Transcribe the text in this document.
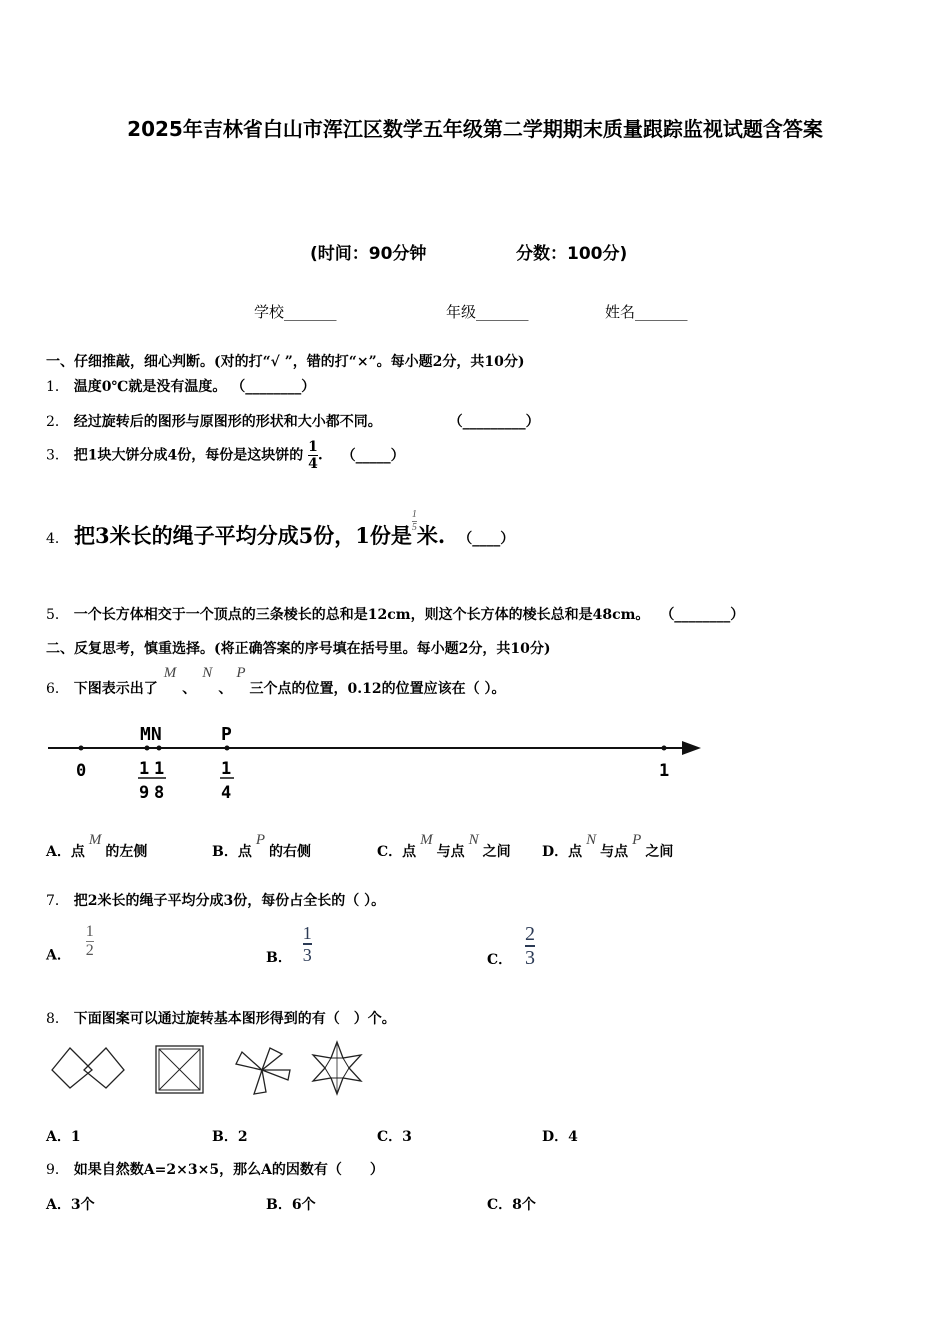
2025年吉林省白山市浑江区数学五年级第二学期期末质量跟踪监视试题含答案
(时间：90分钟	分数：100分)
学校_______	年级_______	姓名_______
一、仔细推敲，细心判断。(对的打“√ ”，错的打“×”。每小题2分，共10分)
1． 温度0℃就是没有温度。 （________）
2． 经过旋转后的图形与原图形的形状和大小都不同。	（_________）
3． 把1块大饼分成4份，每份是这块饼的 $\frac{1}{4}$ . （_____）
4． 把3米长的绳子平均分成5份，1份是
$\frac{1}{5}$
米. （____）
5． 一个长方体相交于一个顶点的三条棱长的总和是12cm，则这个长方体的棱长总和是48cm。 （________）
二、反复思考，慎重选择。(将正确答案的序号填在括号里。每小题2分，共10分)
6． 下图表示出了M、N、P三个点的位置，0.12的位置应该在（ ）。
MN	P
0	1
1 1
9 8
1
4
A．点M的左侧	B．点P的右侧	C．点M与点N之间 D．点N与点P之间
7． 把2米长的绳子平均分成3份，每份占全长的（ ）。
A． $\frac{1}{2}$	B． $\frac{1}{3}$	C． $\frac{2}{3}$
8． 下面图案可以通过旋转基本图形得到的有（　）个。
A．1	B．2	C．3	D．4
9． 如果自然数A=2×3×5，那么A的因数有（　　）
A．3个	B．6个	C．8个
